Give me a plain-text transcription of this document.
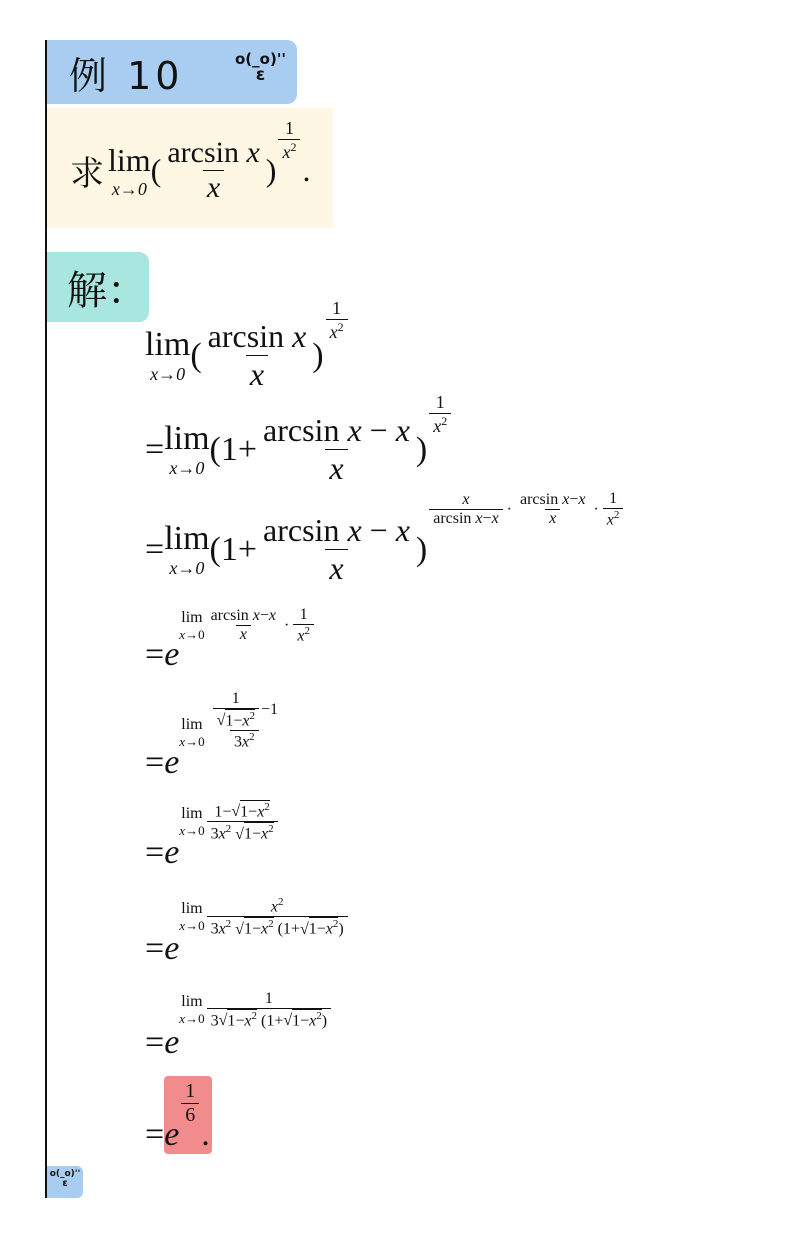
例 10	o(_o)''
ε
求 lim
x→0
( $\frac{\text{arcsin x}}{x}$ )
$\frac{1}{x^2}$
.
解：
lim
x→0
( $\frac{\text{arcsin x}}{x}$ )
$\frac{1}{x^2}$
= lim
x→0
($1+ \frac{\text{arcsin x − x}}{x}$ )
$\frac{1}{x^2}$
= lim
x→0
($1+ \frac{\text{arcsin x − x}}{x}$ )
$\frac{x}{\text{arcsin x−x}} \cdot \frac{\text{arcsin x−x}}{x} \cdot \frac{1}{x^2}$
= e
lim
$x\to 0 \frac{\text{arcsin x−x}}{x} \cdot \frac{1}{x^2}$
= e
lim
x→0 1
√ $1-x^2 -1$
$3x^2$
= e
lim
$x\to 0 \frac{1- √ 1-x^2}{3x^2 √ 1-x^2}$
= e
lim
$x\to 0 \frac{x^2}{3x^2 √ 1-x^2 (1+ √ 1-x^2)}$
= e
lim
$x\to 0 \frac{1}{3 √ 1-x^2 (1+ √ 1-x^2)}$
= e
$\frac{1}{6}$
.
o(_o)''
ε
